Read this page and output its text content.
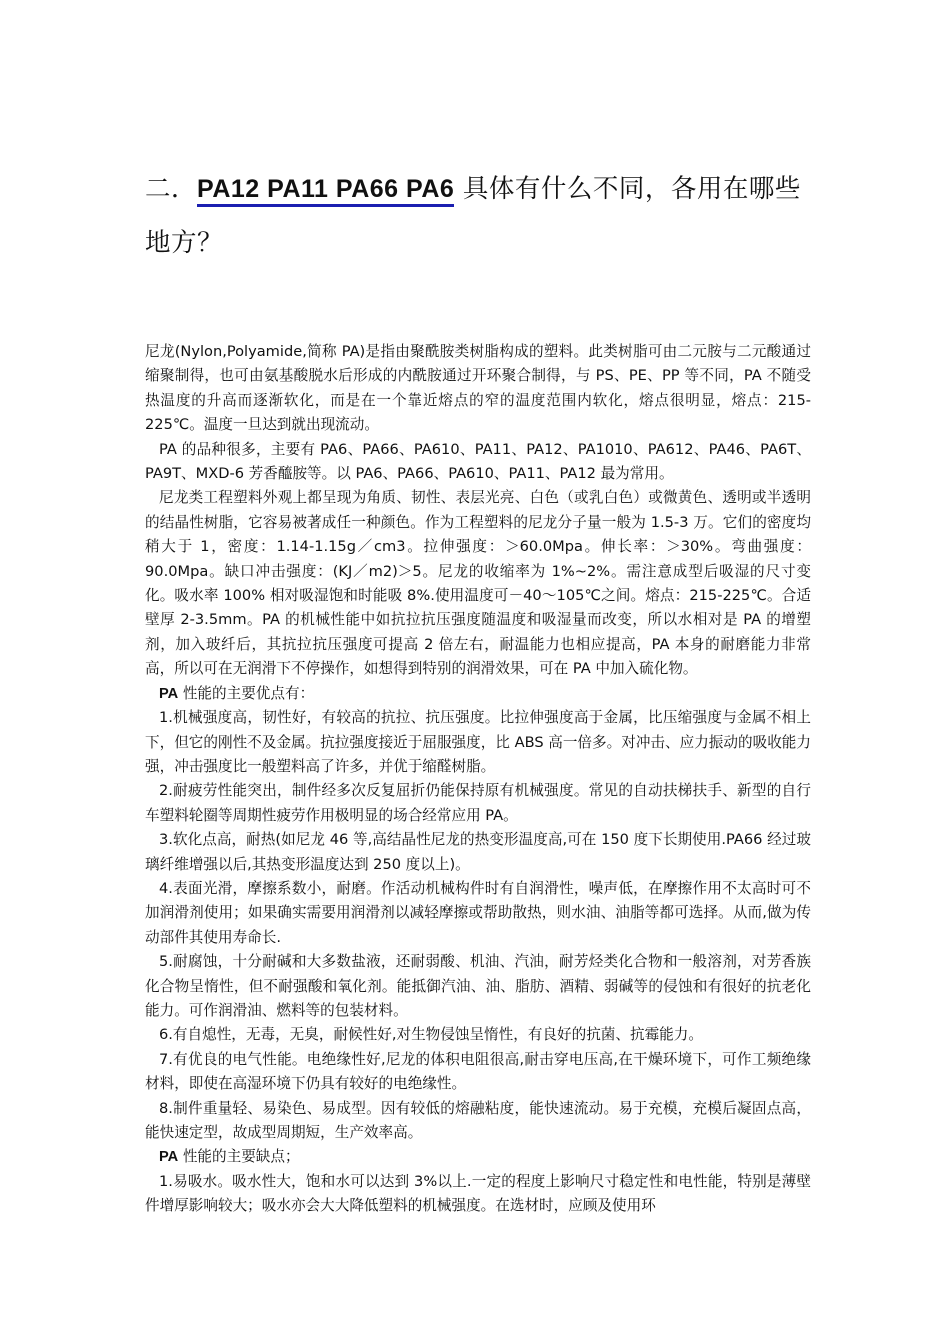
二．PA12 PA11 PA66 PA6 具体有什么不同，各用在哪些地方？

尼龙(Nylon,Polyamide,简称 PA)是指由聚酰胺类树脂构成的塑料。此类树脂可由二元胺与二元酸通过缩聚制得，也可由氨基酸脱水后形成的内酰胺通过开环聚合制得，与 PS、PE、PP 等不同，PA 不随受热温度的升高而逐渐软化，而是在一个靠近熔点的窄的温度范围内软化，熔点很明显，熔点：215-225℃。温度一旦达到就出现流动。

PA 的品种很多，主要有 PA6、PA66、PA610、PA11、PA12、PA1010、PA612、PA46、PA6T、PA9T、MXD-6 芳香醯胺等。以 PA6、PA66、PA610、PA11、PA12 最为常用。

尼龙类工程塑料外观上都呈现为角质、韧性、表层光亮、白色（或乳白色）或微黄色、透明或半透明的结晶性树脂，它容易被著成任一种颜色。作为工程塑料的尼龙分子量一般为 1.5-3 万。它们的密度均稍大于 1，密度：1.14-1.15g／cm3。拉伸强度：＞60.0Mpa。伸长率：＞30%。弯曲强度：90.0Mpa。缺口冲击强度：(KJ／m2)＞5。尼龙的收缩率为 1%~2%。需注意成型后吸湿的尺寸变化。吸水率 100% 相对吸湿饱和时能吸 8%.使用温度可－40～105℃之间。熔点：215-225℃。合适壁厚 2-3.5mm。PA 的机械性能中如抗拉抗压强度随温度和吸湿量而改变，所以水相对是 PA 的增塑剂，加入玻纤后，其抗拉抗压强度可提高 2 倍左右，耐温能力也相应提高，PA 本身的耐磨能力非常高，所以可在无润滑下不停操作，如想得到特别的润滑效果，可在 PA 中加入硫化物。

PA 性能的主要优点有：

1.机械强度高，韧性好，有较高的抗拉、抗压强度。比拉伸强度高于金属，比压缩强度与金属不相上下，但它的刚性不及金属。抗拉强度接近于屈服强度，比 ABS 高一倍多。对冲击、应力振动的吸收能力强，冲击强度比一般塑料高了许多，并优于缩醛树脂。

2.耐疲劳性能突出，制件经多次反复屈折仍能保持原有机械强度。常见的自动扶梯扶手、新型的自行车塑料轮圈等周期性疲劳作用极明显的场合经常应用 PA。

3.软化点高，耐热(如尼龙 46 等,高结晶性尼龙的热变形温度高,可在 150 度下长期使用.PA66 经过玻璃纤维增强以后,其热变形温度达到 250 度以上)。

4.表面光滑，摩擦系数小，耐磨。作活动机械构件时有自润滑性，噪声低，在摩擦作用不太高时可不加润滑剂使用；如果确实需要用润滑剂以减轻摩擦或帮助散热，则水油、油脂等都可选择。从而,做为传动部件其使用寿命长.

5.耐腐蚀，十分耐碱和大多数盐液，还耐弱酸、机油、汽油，耐芳烃类化合物和一般溶剂，对芳香族化合物呈惰性，但不耐强酸和氧化剂。能抵御汽油、油、脂肪、酒精、弱碱等的侵蚀和有很好的抗老化能力。可作润滑油、燃料等的包装材料。

6.有自熄性，无毒，无臭，耐候性好,对生物侵蚀呈惰性，有良好的抗菌、抗霉能力。

7.有优良的电气性能。电绝缘性好,尼龙的体积电阻很高,耐击穿电压高,在干燥环境下，可作工频绝缘材料，即使在高湿环境下仍具有较好的电绝缘性。

8.制件重量轻、易染色、易成型。因有较低的熔融粘度，能快速流动。易于充模，充模后凝固点高，能快速定型，故成型周期短，生产效率高。

PA 性能的主要缺点；

1.易吸水。吸水性大，饱和水可以达到 3%以上.一定的程度上影响尺寸稳定性和电性能，特别是薄壁件增厚影响较大；吸水亦会大大降低塑料的机械强度。在选材时，应顾及使用环
